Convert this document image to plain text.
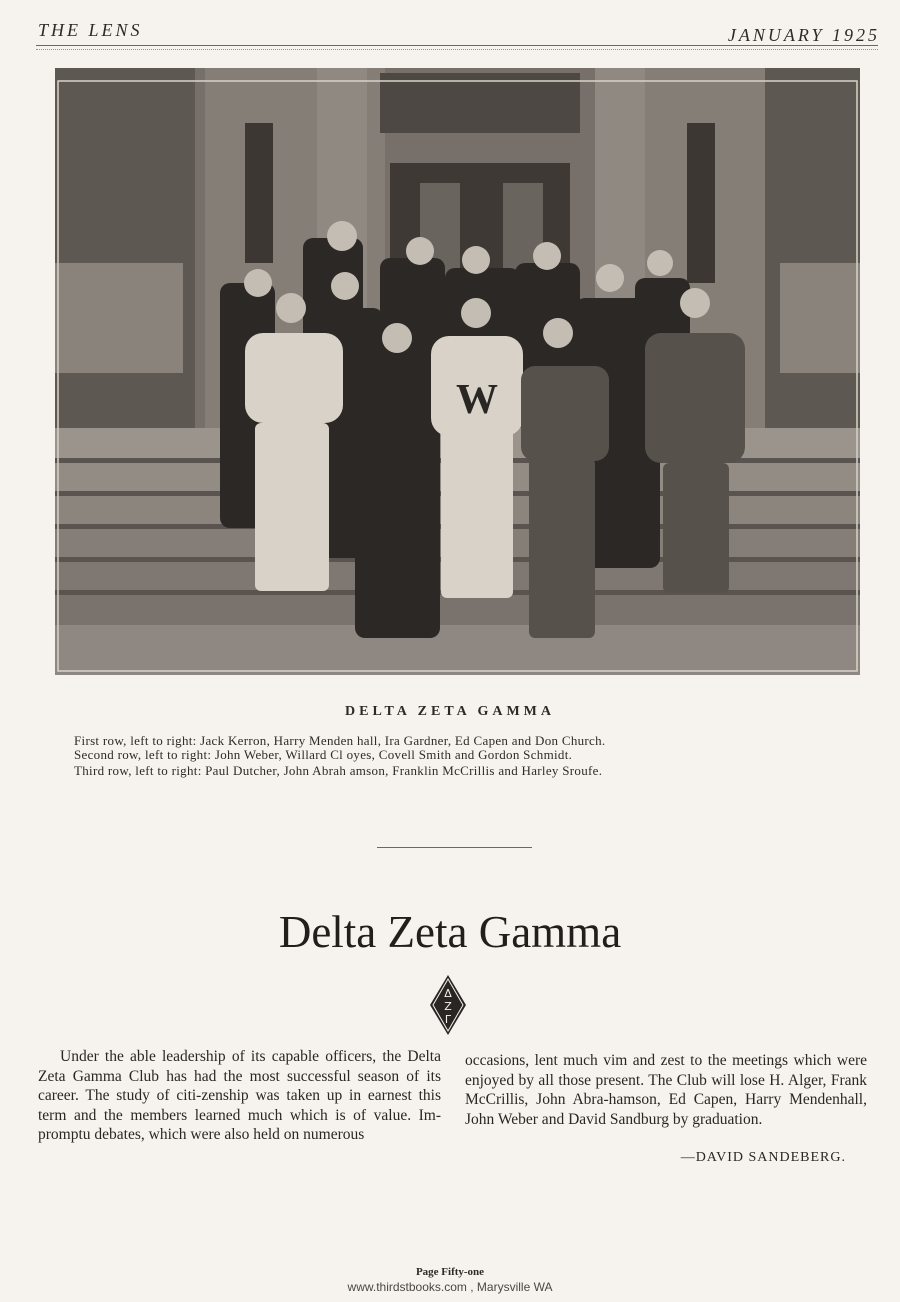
THE LENS	JANUARY 1925
W
DELTA ZETA GAMMA
First row, left to right: Jack Kerron, Harry Menden hall, Ira Gardner, Ed Capen and Don Church.
Second row, left to right: John Weber, Willard Cl oyes, Covell Smith and Gordon Schmidt.
Third row, left to right: Paul Dutcher, John Abrah amson, Franklin McCrillis and Harley Sroufe.
Delta Zeta Gamma
Δ
Z
Γ
Under the able leadership of its capable officers, the Delta Zeta Gamma Club has had the most successful season of its career. The study of citi-zenship was taken up in earnest this term and the members learned much which is of value. Im-promptu debates, which were also held on numerous
occasions, lent much vim and zest to the meetings which were enjoyed by all those present. The Club will lose H. Alger, Frank McCrillis, John Abra-hamson, Ed Capen, Harry Mendenhall, John Weber and David Sandburg by graduation.
—DAVID SANDEBERG.
Page Fifty-one
www.thirdstbooks.com , Marysville WA
